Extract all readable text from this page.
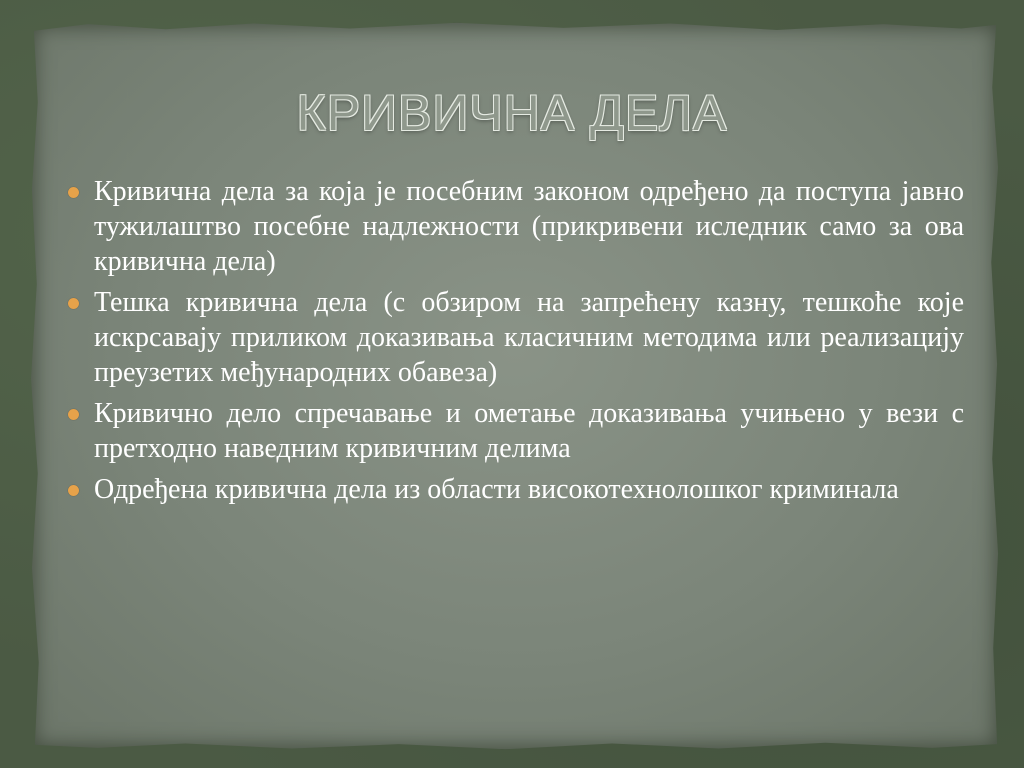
КРИВИЧНА ДЕЛА
Кривична дела за која је посебним законом одређено да поступа јавно тужилаштво посебне надлежности (прикривени иследник само за ова кривична дела)
Тешка кривична дела (с обзиром на запрећену казну, тешкоће које искрсавају приликом доказивања класичним методима или реализацију преузетих међународних обавеза)
Кривично дело спречавање и ометање доказивања учињено у вези с претходно наведним кривичним делима
Одређена кривична дела из области високотехнолошког криминала
